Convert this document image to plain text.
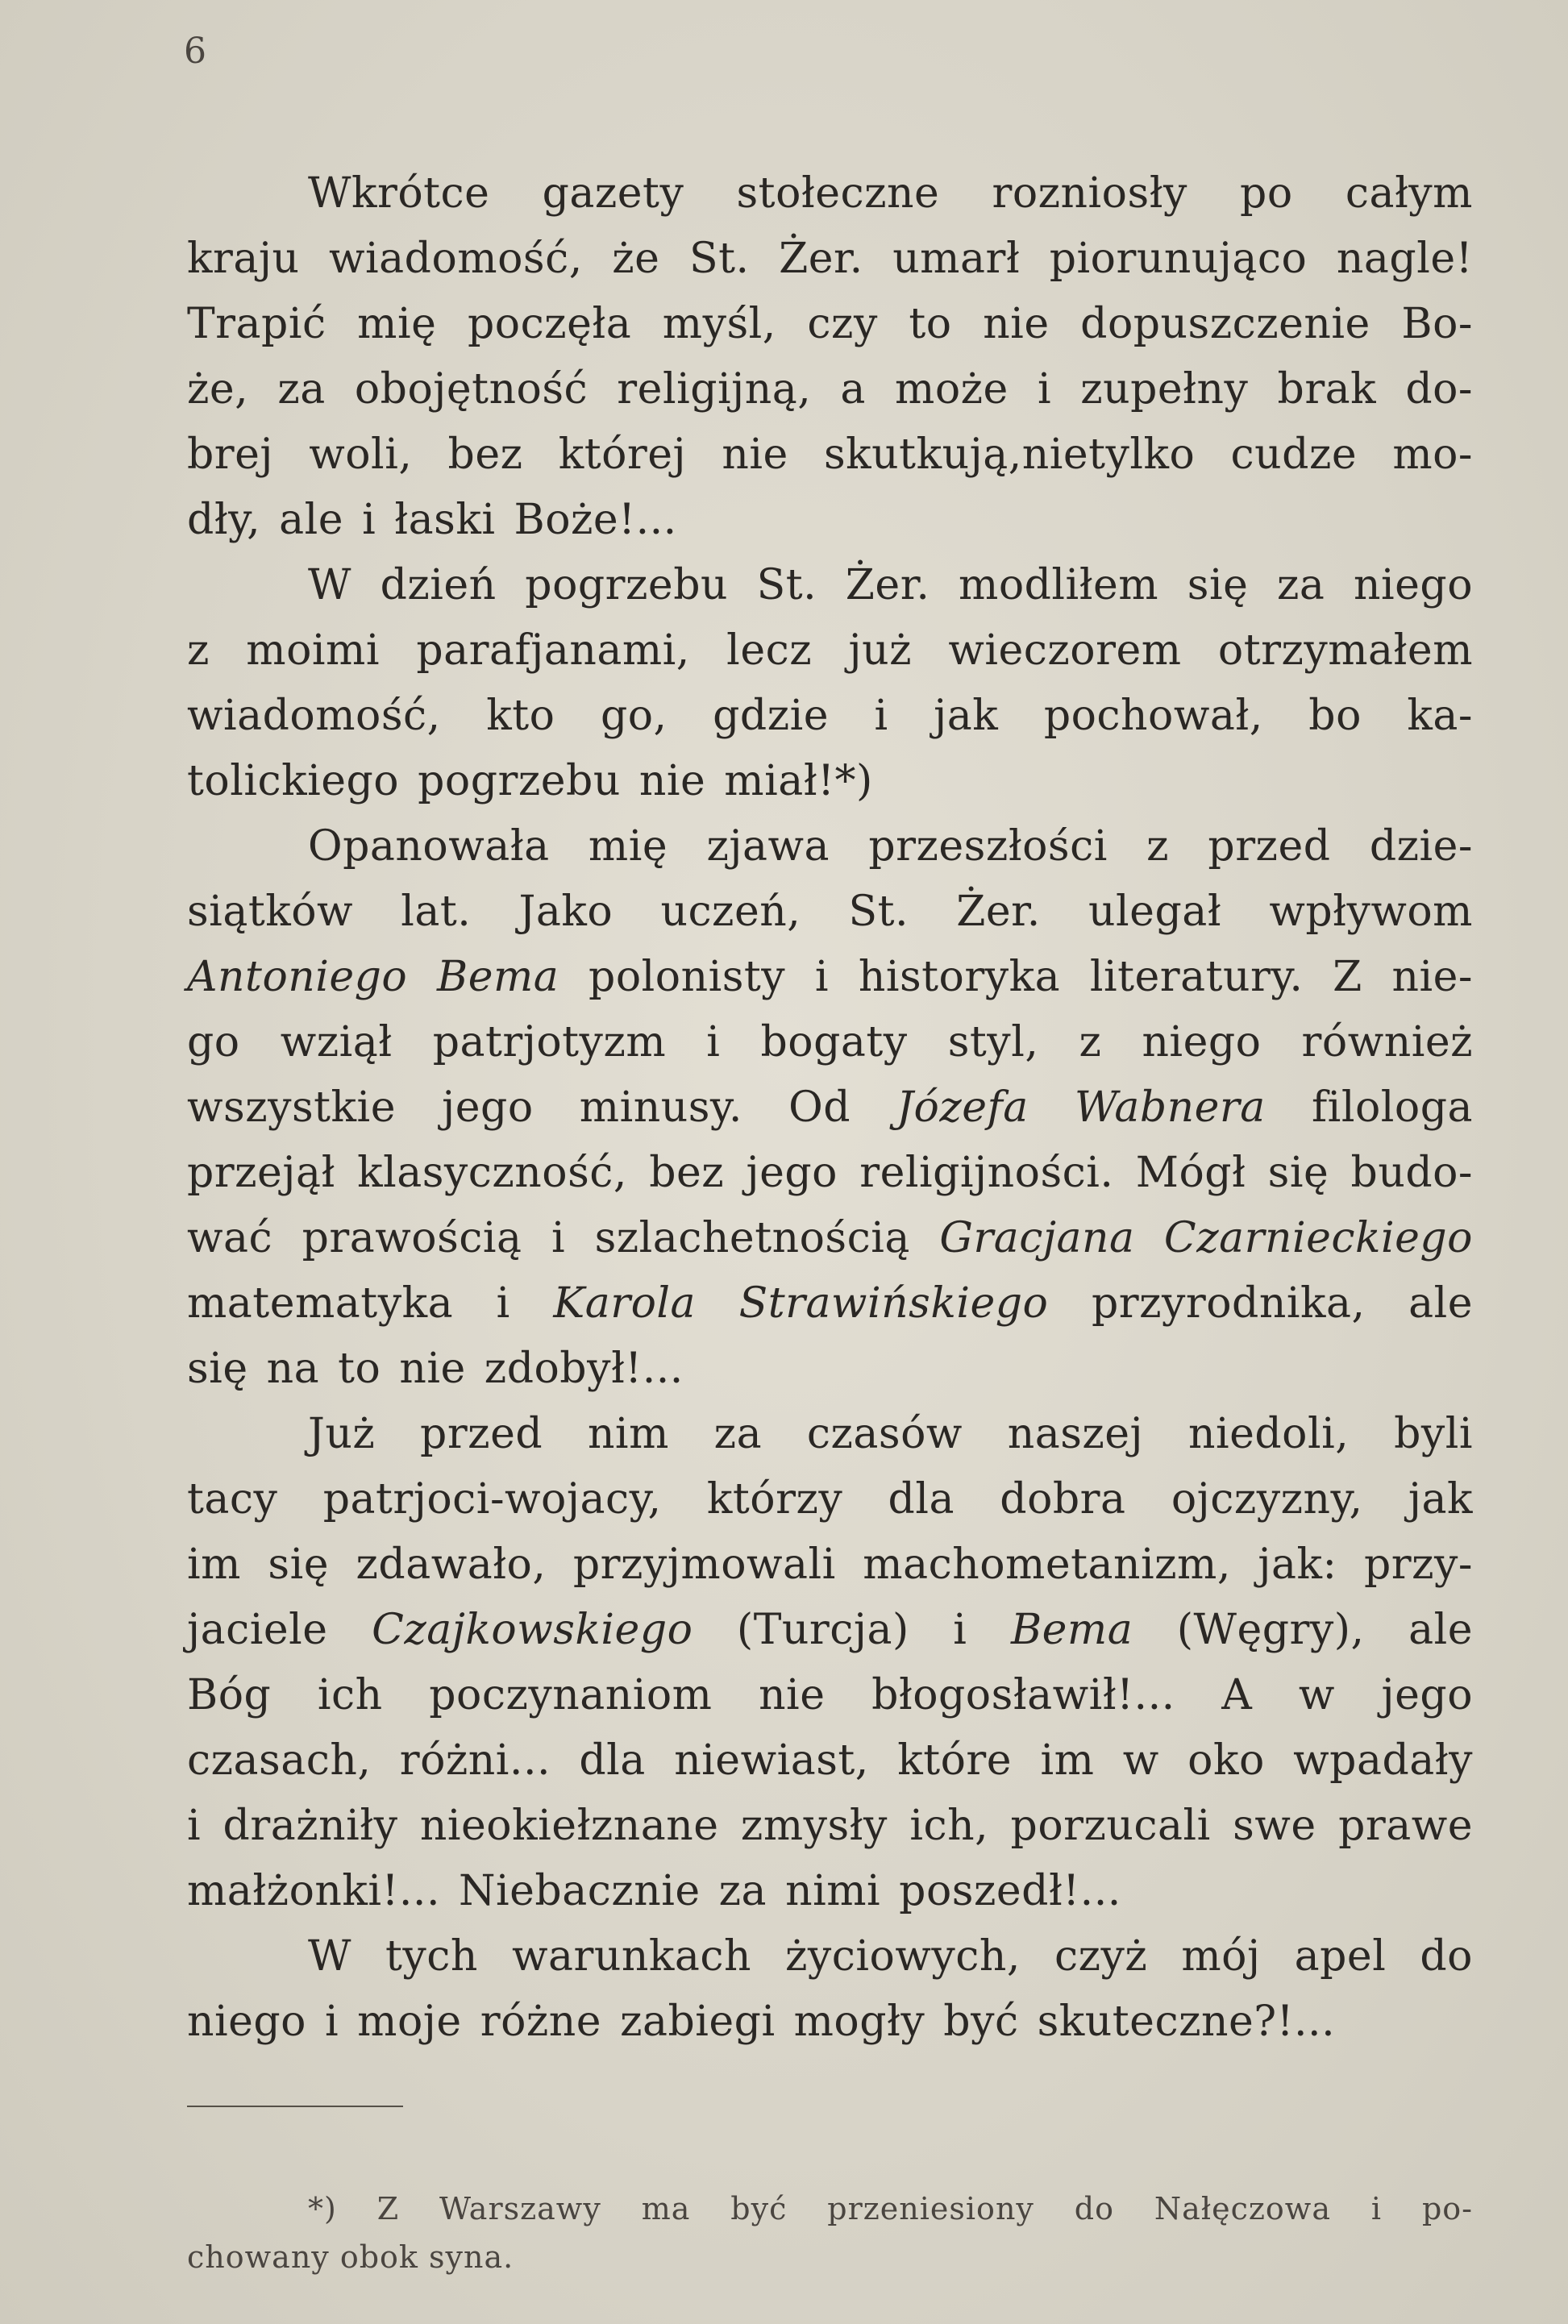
6
Wkrótce gazety stołeczne rozniosły po całym
kraju wiadomość, że St. Żer. umarł piorunująco nagle!
Trapić mię poczęła myśl, czy to nie dopuszczenie Bo-
że, za obojętność religijną, a może i zupełny brak do-
brej woli, bez której nie skutkują,nietylko cudze mo-
dły, ale i łaski Boże!...
W dzień pogrzebu St. Żer. modliłem się za niego
z moimi parafjanami, lecz już wieczorem otrzymałem
wiadomość, kto go, gdzie i jak pochował, bo ka-
tolickiego pogrzebu nie miał!*)
Opanowała mię zjawa przeszłości z przed dzie-
siątków lat. Jako uczeń, St. Żer. ulegał wpływom
Antoniego Bema polonisty i historyka literatury. Z nie-
go wziął patrjotyzm i bogaty styl, z niego również
wszystkie jego minusy. Od Józefa Wabnera filologa
przejął klasyczność, bez jego religijności. Mógł się budo-
wać prawością i szlachetnością Gracjana Czarnieckiego
matematyka i Karola Strawińskiego przyrodnika, ale
się na to nie zdobył!...
Już przed nim za czasów naszej niedoli, byli
tacy patrjoci-wojacy, którzy dla dobra ojczyzny, jak
im się zdawało, przyjmowali machometanizm, jak: przy-
jaciele Czajkowskiego (Turcja) i Bema (Węgry), ale
Bóg ich poczynaniom nie błogosławił!... A w jego
czasach, różni... dla niewiast, które im w oko wpadały
i drażniły nieokiełznane zmysły ich, porzucali swe prawe
małżonki!... Niebacznie za nimi poszedł!...
W tych warunkach życiowych, czyż mój apel do
niego i moje różne zabiegi mogły być skuteczne?!...
*) Z Warszawy ma być przeniesiony do Nałęczowa i po-
chowany obok syna.
